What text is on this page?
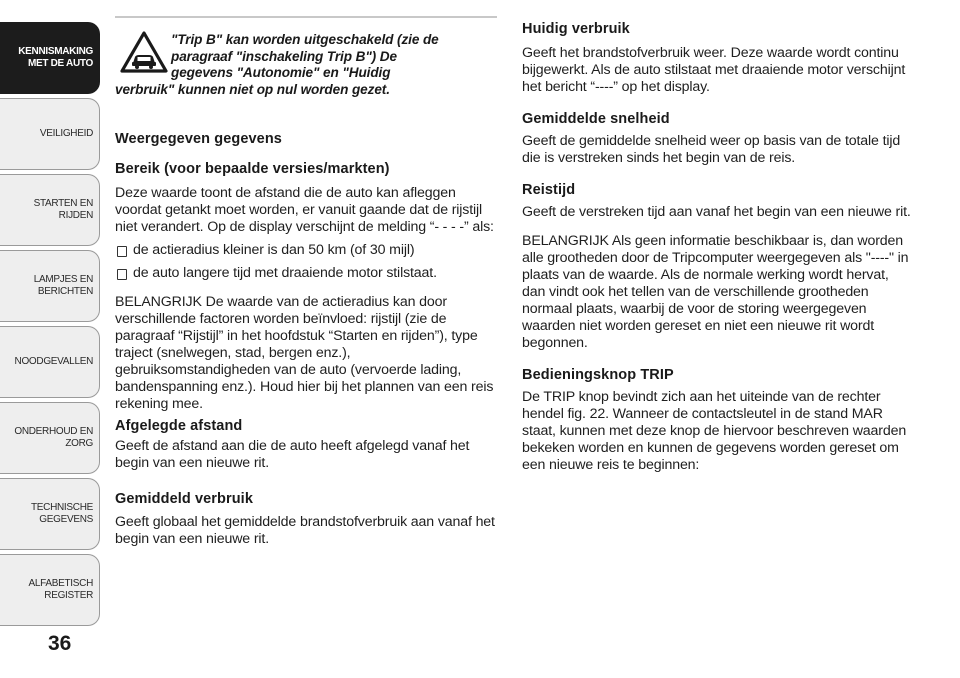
KENNISMAKING
MET DE AUTO
VEILIGHEID
STARTEN EN RIJDEN
LAMPJES EN
BERICHTEN
NOODGEVALLEN
ONDERHOUD EN
ZORG
TECHNISCHE
GEGEVENS
ALFABETISCH
REGISTER
36

"Trip B" kan worden uitgeschakeld (zie de
paragraaf "inschakeling Trip B") De
gegevens "Autonomie" en "Huidig
verbruik" kunnen niet op nul worden gezet.

Weergegeven gegevens
Bereik (voor bepaalde versies/markten)

Deze waarde toont de afstand die de auto kan afleggen voordat getankt moet worden, er vanuit gaande dat de rijstijl niet verandert. Op de display verschijnt de melding “- - - -” als:

de actieradius kleiner is dan 50 km (of 30 mijl)
de auto langere tijd met draaiende motor stilstaat.

BELANGRIJK De waarde van de actieradius kan door verschillende factoren worden beïnvloed: rijstijl (zie de paragraaf “Rijstijl” in het hoofdstuk “Starten en rijden”), type traject (snelwegen, stad, bergen enz.), gebruiksomstandigheden van de auto (vervoerde lading, bandenspanning enz.). Houd hier bij het plannen van een reis rekening mee.

Afgelegde afstand

Geeft de afstand aan die de auto heeft afgelegd vanaf het begin van een nieuwe rit.

Gemiddeld verbruik

Geeft globaal het gemiddelde brandstofverbruik aan vanaf het begin van een nieuwe rit.

Huidig verbruik

Geeft het brandstofverbruik weer. Deze waarde wordt continu bijgewerkt. Als de auto stilstaat met draaiende motor verschijnt het bericht “----” op het display.

Gemiddelde snelheid

Geeft de gemiddelde snelheid weer op basis van de totale tijd die is verstreken sinds het begin van de reis.

Reistijd

Geeft de verstreken tijd aan vanaf het begin van een nieuwe rit.

BELANGRIJK Als geen informatie beschikbaar is, dan worden alle grootheden door de Tripcomputer weergegeven als "----" in plaats van de waarde. Als de normale werking wordt hervat, dan vindt ook het tellen van de verschillende grootheden normaal plaats, waarbij de voor de storing weergegeven waarden niet worden gereset en niet een nieuwe rit wordt begonnen.

Bedieningsknop TRIP

De TRIP knop bevindt zich aan het uiteinde van de rechter hendel fig. 22. Wanneer de contactsleutel in de stand MAR staat, kunnen met deze knop de hiervoor beschreven waarden bekeken worden en kunnen de gegevens worden gereset om een nieuwe reis te beginnen:
